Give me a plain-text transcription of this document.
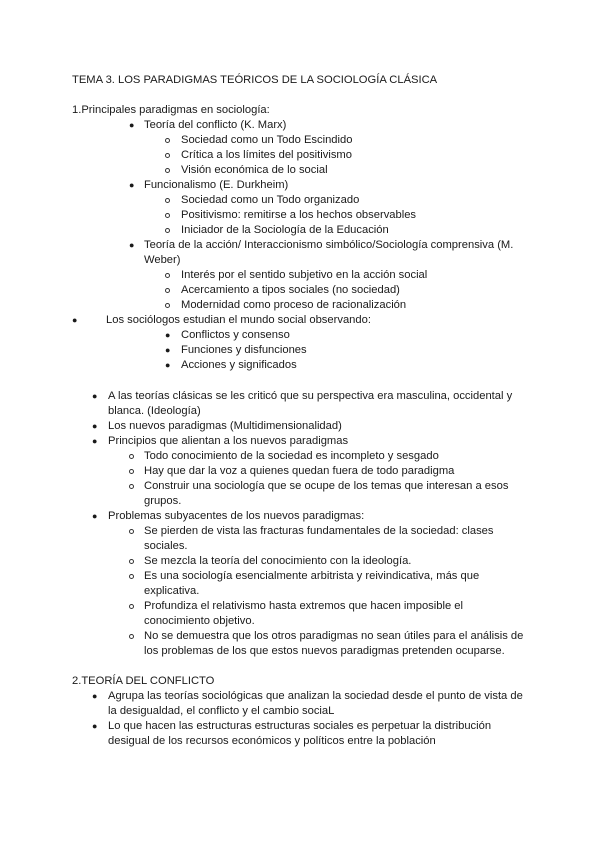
TEMA 3. LOS PARADIGMAS TEÓRICOS DE LA SOCIOLOGÍA CLÁSICA
1.Principales paradigmas en sociología:
● Teoría del conflicto (K. Marx)
Sociedad como un Todo Escindido
Crítica a los límites del positivismo
Visión económica de lo social
● Funcionalismo (E. Durkheim)
Sociedad como un Todo organizado
Positivismo: remitirse a los hechos observables
Iniciador de la Sociología de la Educación
● Teoría de la acción/ Interaccionismo simbólico/Sociología comprensiva (M.
Weber)
Interés por el sentido subjetivo en la acción social
Acercamiento a tipos sociales (no sociedad)
Modernidad como proceso de racionalización
●	Los sociólogos estudian el mundo social observando:
● Conflictos y consenso
● Funciones y disfunciones
● Acciones y significados
● A las teorías clásicas se les criticó que su perspectiva era masculina, occidental y
blanca. (Ideología)
● Los nuevos paradigmas (Multidimensionalidad)
● Principios que alientan a los nuevos paradigmas
Todo conocimiento de la sociedad es incompleto y sesgado
Hay que dar la voz a quienes quedan fuera de todo paradigma
Construir una sociología que se ocupe de los temas que interesan a esos
grupos.
● Problemas subyacentes de los nuevos paradigmas:
Se pierden de vista las fracturas fundamentales de la sociedad: clases
sociales.
Se mezcla la teoría del conocimiento con la ideología.
Es una sociología esencialmente arbitrista y reivindicativa, más que
explicativa.
Profundiza el relativismo hasta extremos que hacen imposible el
conocimiento objetivo.
No se demuestra que los otros paradigmas no sean útiles para el análisis de
los problemas de los que estos nuevos paradigmas pretenden ocuparse.
2.TEORÍA DEL CONFLICTO
● Agrupa las teorías sociológicas que analizan la sociedad desde el punto de vista de
la desigualdad, el conflicto y el cambio sociaL
● Lo que hacen las estructuras estructuras sociales es perpetuar la distribución
desigual de los recursos económicos y políticos entre la población
